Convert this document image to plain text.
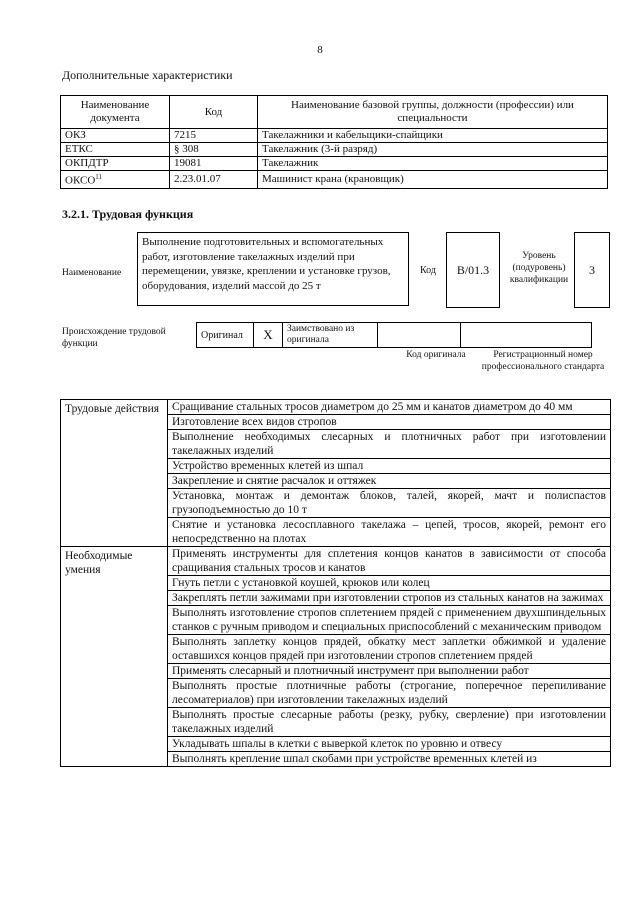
8
Дополнительные характеристики
Наименование документа	Код	Наименование базовой группы, должности (профессии) или специальности
ОКЗ	7215	Такелажники и кабельщики-спайщики
ЕТКС	§ 308	Такелажник (3-й разряд)
ОКПДТР	19081	Такелажник
ОКСО$^{11}$	2.23.01.07	Машинист крана (крановщик)
3.2.1. Трудовая функция
Наименование
Выполнение подготовительных и вспомогательных работ, изготовление такелажных изделий при перемещении, увязке, креплении и установке грузов, оборудования, изделий массой до 25 т
Код	B/01.3
Уровень (подуровень) квалификации
3
Происхождение трудовой функции
Оригинал	X	Заимствовано из оригинала		
Код оригинала	Регистрационный номер профессионального стандарта
Трудовые действия	Сращивание стальных тросов диаметром до 25 мм и канатов диаметром до 40 мм
	Изготовление всех видов стропов
	Выполнение необходимых слесарных и плотничных работ при изготовлении такелажных изделий
	Устройство временных клетей из шпал
	Закрепление и снятие расчалок и оттяжек
	Установка, монтаж и демонтаж блоков, талей, якорей, мачт и полиспастов грузоподъемностью до 10 т
	Снятие и установка лесосплавного такелажа – цепей, тросов, якорей, ремонт его непосредственно на плотах
Необходимые умения	Применять инструменты для сплетения концов канатов в зависимости от способа сращивания стальных тросов и канатов
	Гнуть петли с установкой коушей, крюков или колец
	Закреплять петли зажимами при изготовлении стропов из стальных канатов на зажимах
	Выполнять изготовление стропов сплетением прядей с применением двухшпиндельных станков с ручным приводом и специальных приспособлений с механическим приводом
	Выполнять заплетку концов прядей, обкатку мест заплетки обжимкой и удаление оставшихся концов прядей при изготовлении стропов сплетением прядей
	Применять слесарный и плотничный инструмент при выполнении работ
	Выполнять простые плотничные работы (строгание, поперечное перепиливание лесоматериалов) при изготовлении такелажных изделий
	Выполнять простые слесарные работы (резку, рубку, сверление) при изготовлении такелажных изделий
	Укладывать шпалы в клетки с выверкой клеток по уровню и отвесу
	Выполнять крепление шпал скобами при устройстве временных клетей из
